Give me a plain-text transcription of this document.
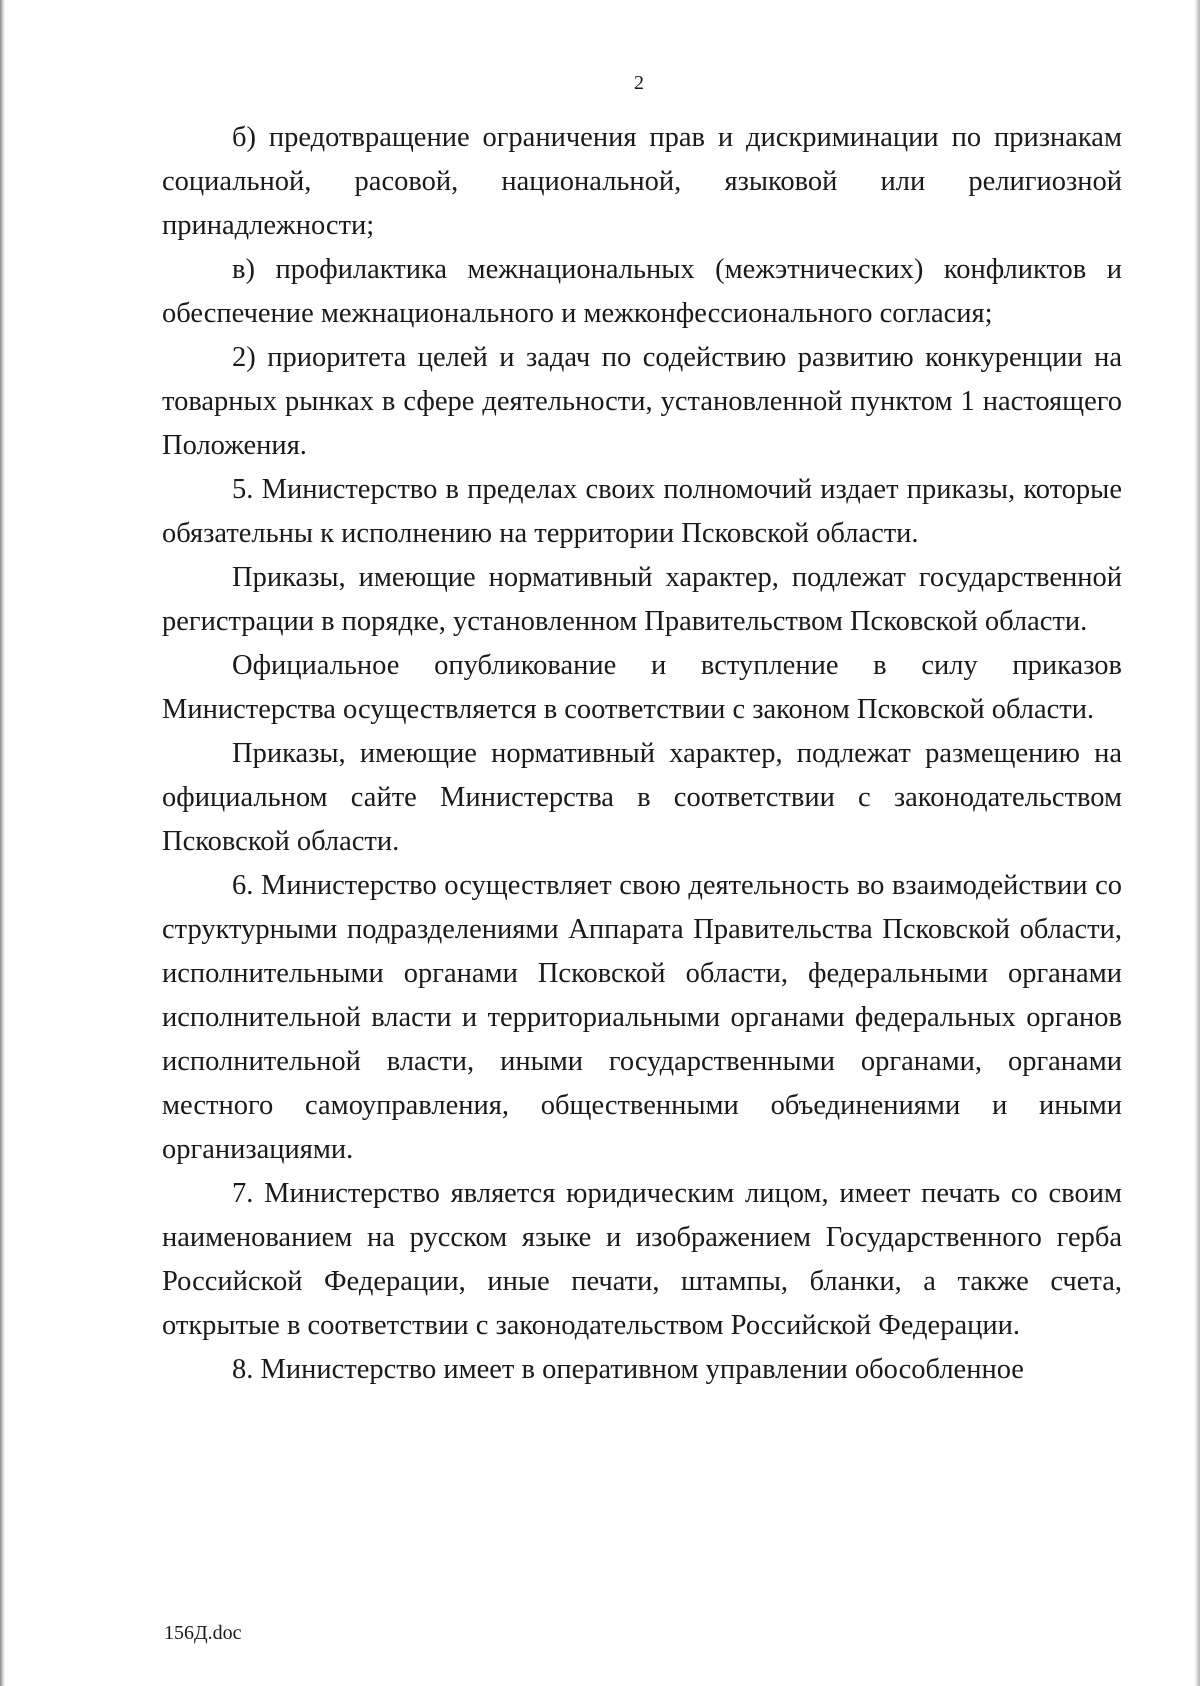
2

б) предотвращение ограничения прав и дискриминации по признакам социальной, расовой, национальной, языковой или религиозной принадлежности;

в) профилактика межнациональных (межэтнических) конфликтов и обеспечение межнационального и межконфессионального согласия;

2) приоритета целей и задач по содействию развитию конкуренции на товарных рынках в сфере деятельности, установленной пунктом 1 настоящего Положения.

5. Министерство в пределах своих полномочий издает приказы, которые обязательны к исполнению на территории Псковской области.

Приказы, имеющие нормативный характер, подлежат государственной регистрации в порядке, установленном Правительством Псковской области.

Официальное опубликование и вступление в силу приказов Министерства осуществляется в соответствии с законом Псковской области.

Приказы, имеющие нормативный характер, подлежат размещению на официальном сайте Министерства в соответствии с законодательством Псковской области.

6. Министерство осуществляет свою деятельность во взаимодействии со структурными подразделениями Аппарата Правительства Псковской области, исполнительными органами Псковской области, федеральными органами исполнительной власти и территориальными органами федеральных органов исполнительной власти, иными государственными органами, органами местного самоуправления, общественными объединениями и иными организациями.

7. Министерство является юридическим лицом, имеет печать со своим наименованием на русском языке и изображением Государственного герба Российской Федерации, иные печати, штампы, бланки, а также счета, открытые в соответствии с законодательством Российской Федерации.

8. Министерство имеет в оперативном управлении обособленное

156Д.doc
